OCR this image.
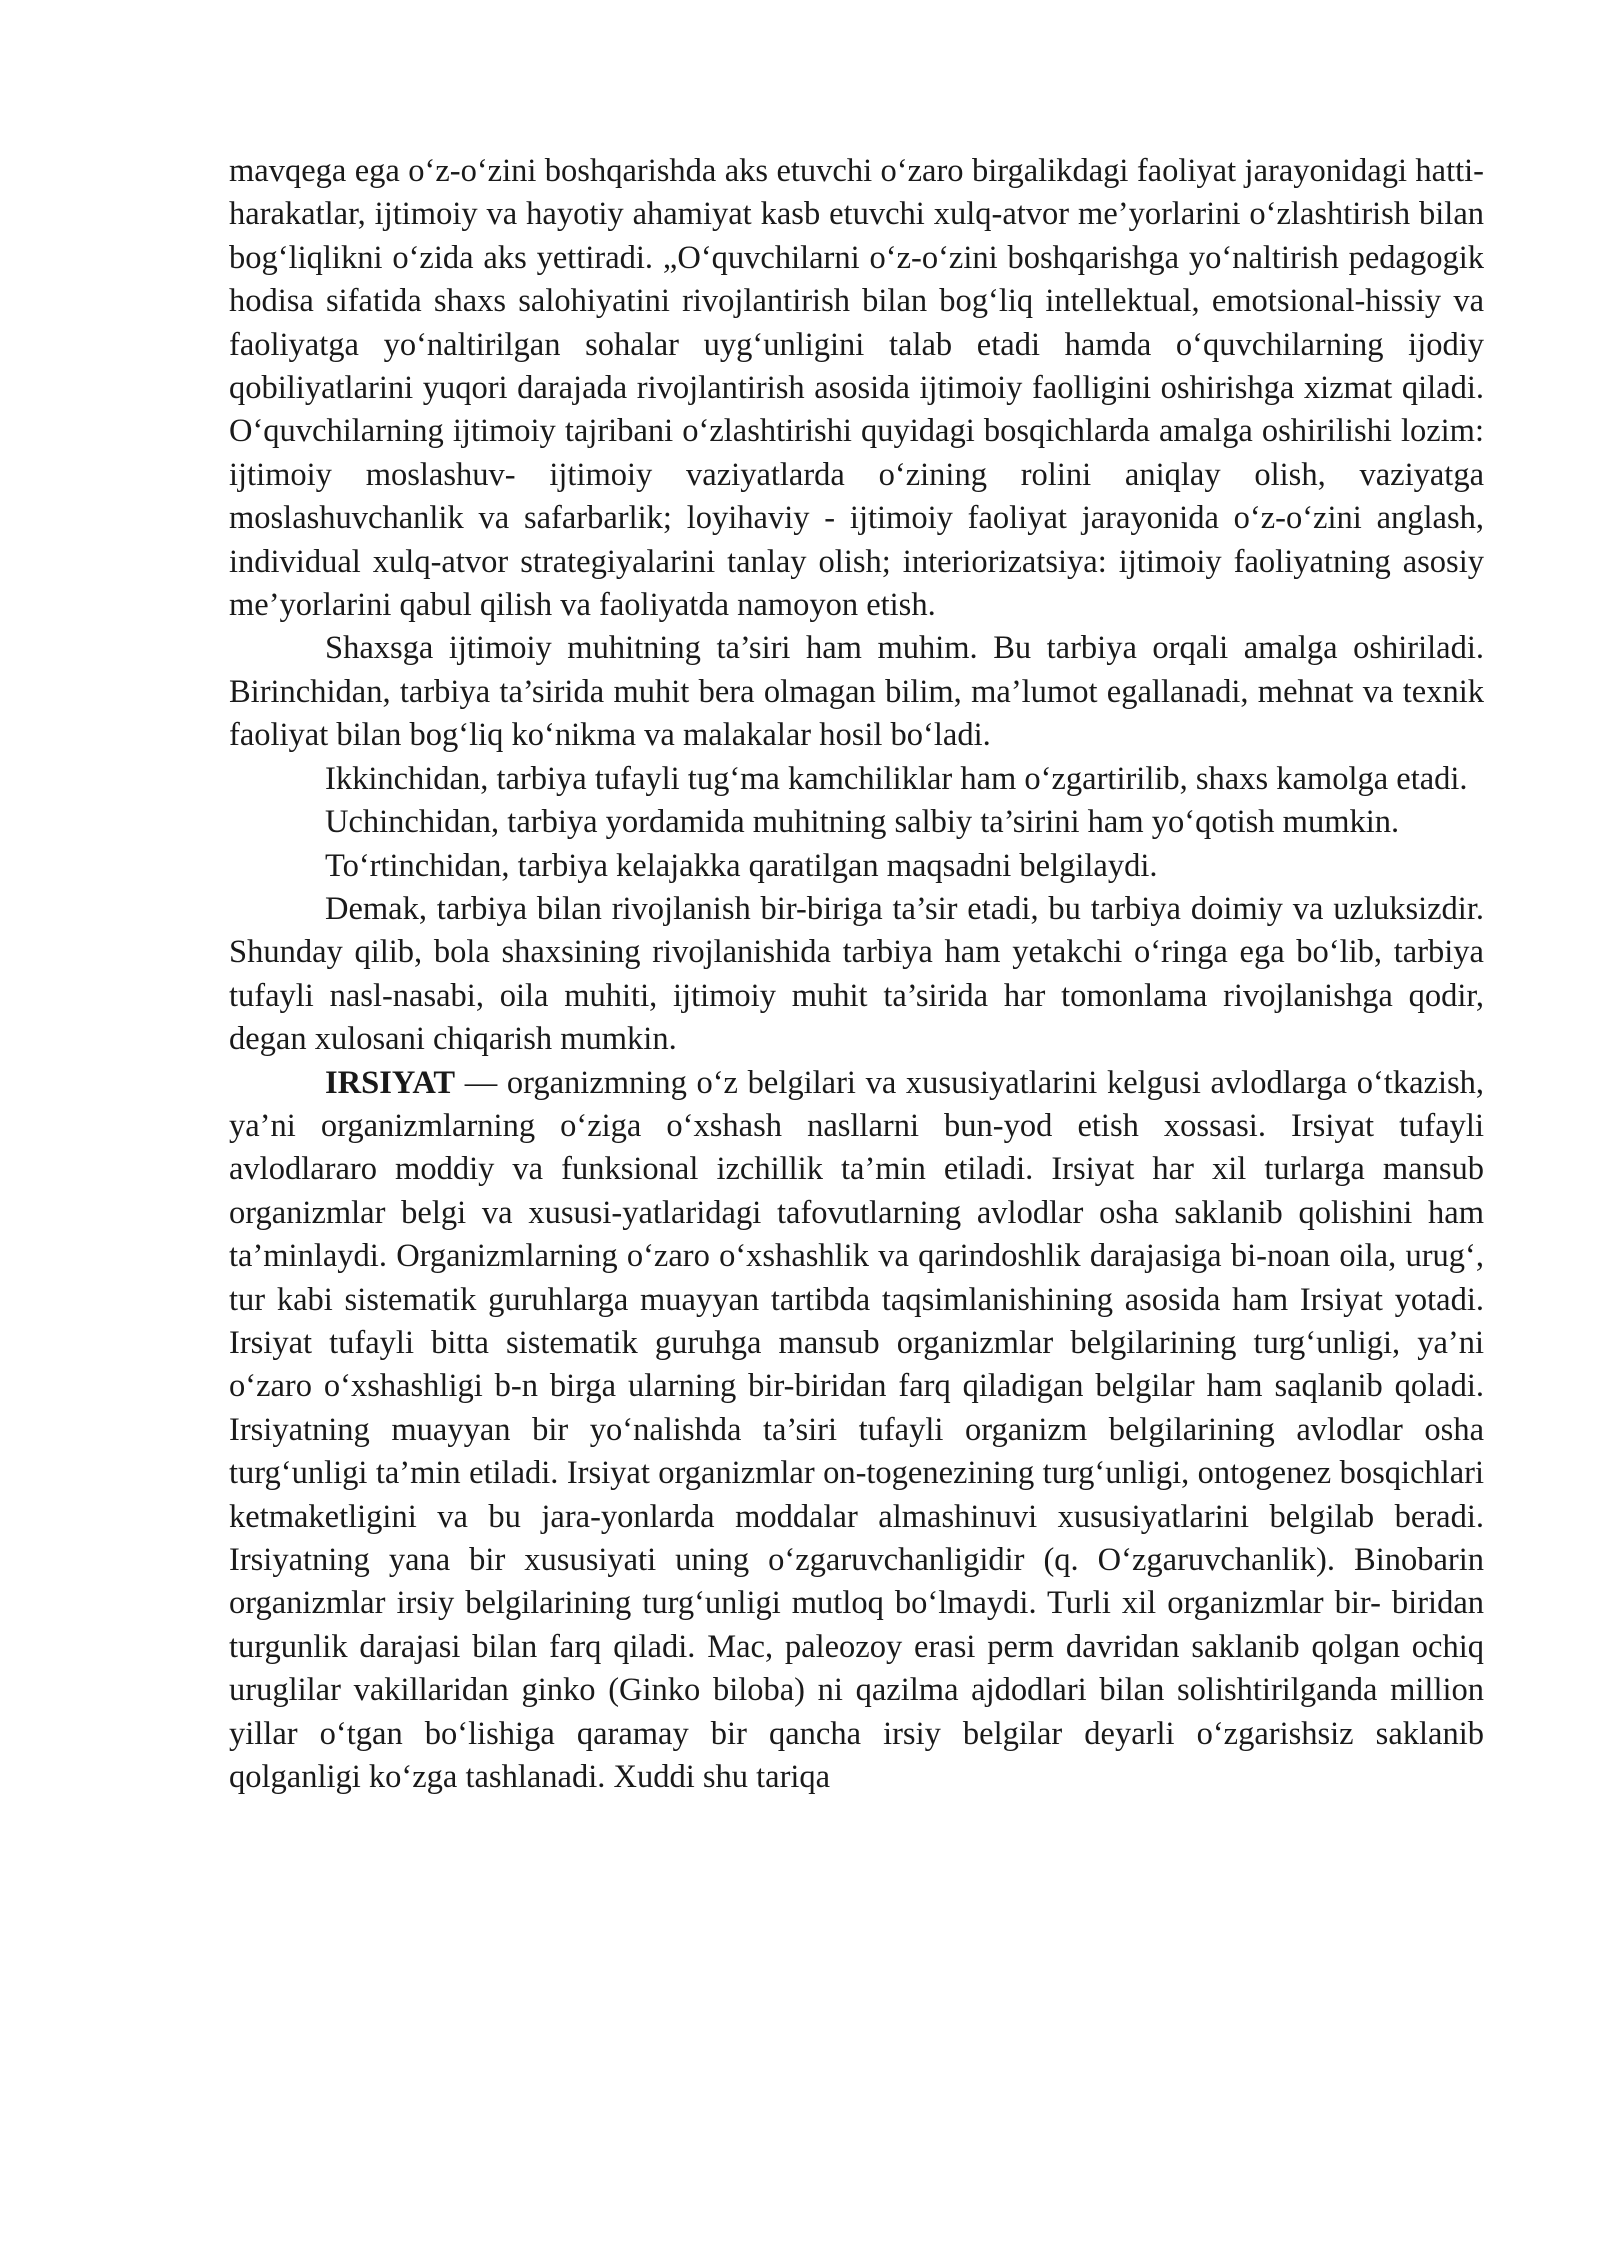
mavqega ega o‘z-o‘zini boshqarishda aks etuvchi o‘zaro birgalikdagi faoliyat jarayonidagi hatti-harakatlar, ijtimoiy va hayotiy ahamiyat kasb etuvchi xulq-atvor me’yorlarini o‘zlashtirish bilan bog‘liqlikni o‘zida aks yettiradi. „O‘quvchilarni o‘z-o‘zini boshqarishga yo‘naltirish pedagogik hodisa sifatida shaxs salohiyatini rivojlantirish bilan bog‘liq intellektual, emotsional-hissiy va faoliyatga yo‘naltirilgan sohalar uyg‘unligini talab etadi hamda o‘quvchilarning ijodiy qobiliyatlarini yuqori darajada rivojlantirish asosida ijtimoiy faolligini oshirishga xizmat qiladi. O‘quvchilarning ijtimoiy tajribani o‘zlashtirishi quyidagi bosqichlarda amalga oshirilishi lozim: ijtimoiy moslashuv- ijtimoiy vaziyatlarda o‘zining rolini aniqlay olish, vaziyatga moslashuvchanlik va safarbarlik; loyihaviy - ijtimoiy faoliyat jarayonida o‘z-o‘zini anglash, individual xulq-atvor strategiyalarini tanlay olish; interiorizatsiya: ijtimoiy faoliyatning asosiy me’yorlarini qabul qilish va faoliyatda namoyon etish.

Shaxsga ijtimoiy muhitning ta’siri ham muhim. Bu tarbiya orqali amalga oshiriladi. Birinchidan, tarbiya ta’sirida muhit bera olmagan bilim, ma’lumot egallanadi, mehnat va texnik faoliyat bilan bog‘liq ko‘nikma va malakalar hosil bo‘ladi.

Ikkinchidan, tarbiya tufayli tug‘ma kamchiliklar ham o‘zgartirilib, shaxs kamolga etadi.

Uchinchidan, tarbiya yordamida muhitning salbiy ta’sirini ham yo‘qotish mumkin.

To‘rtinchidan, tarbiya kelajakka qaratilgan maqsadni belgilaydi.

Demak, tarbiya bilan rivojlanish bir-biriga ta’sir etadi, bu tarbiya doimiy va uzluksizdir. Shunday qilib, bola shaxsining rivojlanishida tarbiya ham yetakchi o‘ringa ega bo‘lib, tarbiya tufayli nasl-nasabi, oila muhiti, ijtimoiy muhit ta’sirida har tomonlama rivojlanishga qodir, degan xulosani chiqarish mumkin.

IRSIYAT — organizmning o‘z belgilari va xususiyatlarini kelgusi avlodlarga o‘tkazish, ya’ni organizmlarning o‘ziga o‘xshash nasllarni bun-yod etish xossasi. Irsiyat tufayli avlodlararo moddiy va funksional izchillik ta’min etiladi. Irsiyat har xil turlarga mansub organizmlar belgi va xususi-yatlaridagi tafovutlarning avlodlar osha saklanib qolishini ham ta’minlaydi. Organizmlarning o‘zaro o‘xshashlik va qarindoshlik darajasiga bi-noan oila, urug‘, tur kabi sistematik guruhlarga muayyan tartibda taqsimlanishining asosida ham Irsiyat yotadi. Irsiyat tufayli bitta sistematik guruhga mansub organizmlar belgilarining turg‘unligi, ya’ni o‘zaro o‘xshashligi b-n birga ularning bir-biridan farq qiladigan belgilar ham saqlanib qoladi. Irsiyatning muayyan bir yo‘nalishda ta’siri tufayli organizm belgilarining avlodlar osha turg‘unligi ta’min etiladi. Irsiyat organizmlar on-togenezining turg‘unligi, ontogenez bosqichlari ketmaketligini va bu jara-yonlarda moddalar almashinuvi xususiyatlarini belgilab beradi. Irsiyatning yana bir xususiyati uning o‘zgaruvchanligidir (q. O‘zgaruvchanlik). Binobarin organizmlar irsiy belgilarining turg‘unligi mutloq bo‘lmaydi. Turli xil organizmlar bir- biridan turgunlik darajasi bilan farq qiladi. Mac, paleozoy erasi perm davridan saklanib qolgan ochiq uruglilar vakillaridan ginko (Ginko biloba) ni qazilma ajdodlari bilan solishtirilganda million yillar o‘tgan bo‘lishiga qaramay bir qancha irsiy belgilar deyarli o‘zgarishsiz saklanib qolganligi ko‘zga tashlanadi. Xuddi shu tariqa
